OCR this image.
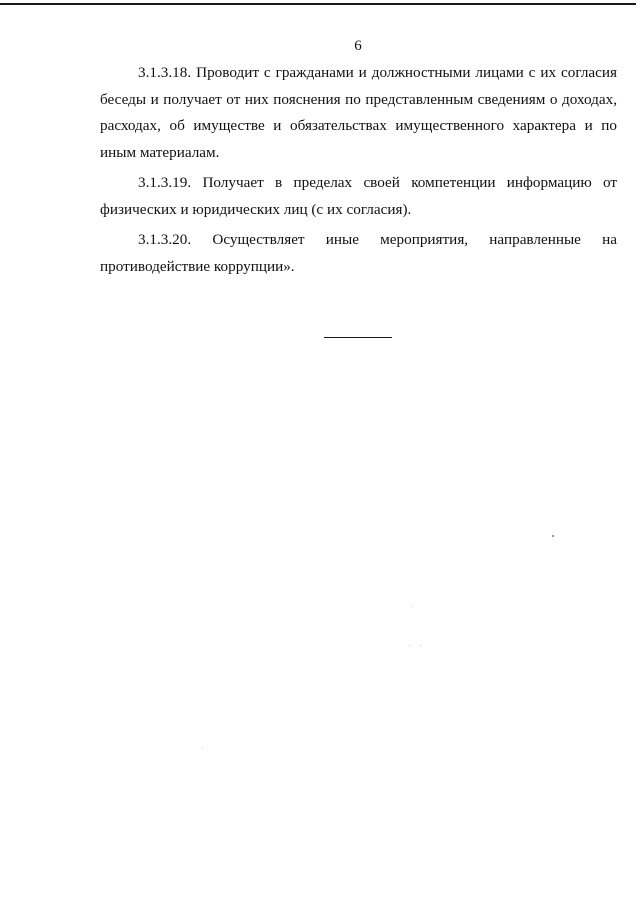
6

3.1.3.18. Проводит с гражданами и должностными лицами с их согласия беседы и получает от них пояснения по представленным сведениям о доходах, расходах, об имуществе и обязательствах имущественного характера и по иным материалам.

3.1.3.19. Получает в пределах своей компетенции информацию от физических и юридических лиц (с их согласия).

3.1.3.20. Осуществляет иные мероприятия, направленные на противодействие коррупции».
